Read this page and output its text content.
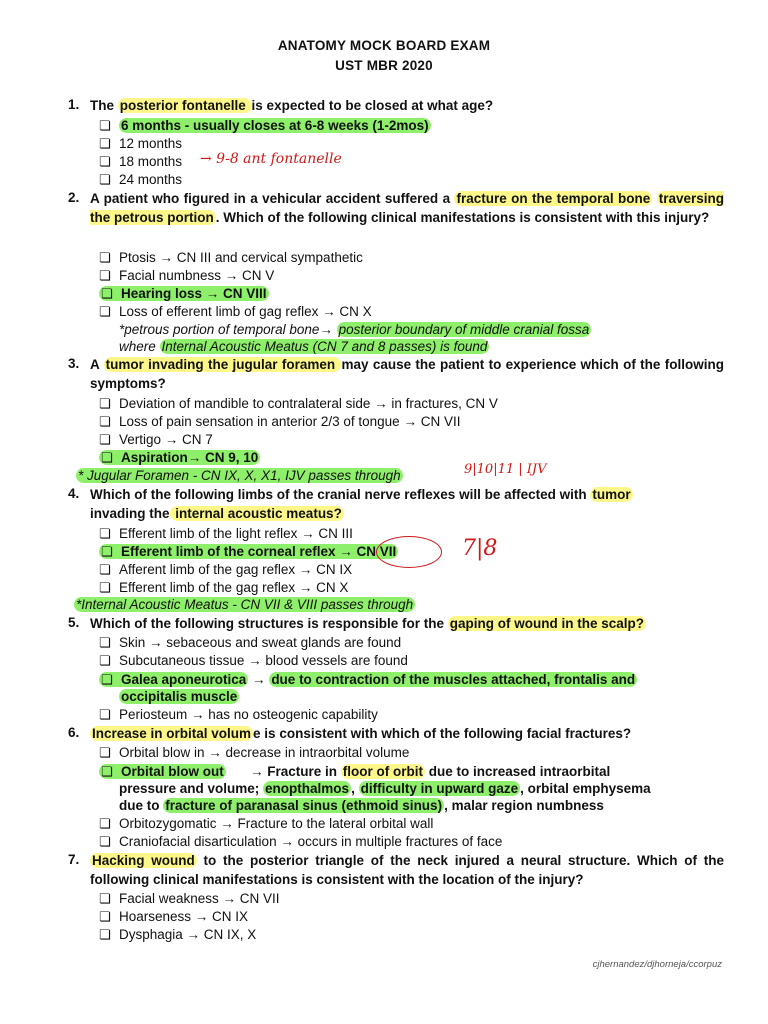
ANATOMY MOCK BOARD EXAM
UST MBR 2020
1. The posterior fontanelle is expected to be closed at what age?
❏ 6 months - usually closes at 6-8 weeks (1-2mos)
❏ 12 months
❏ 18 months → 9-8 ant fontanelle
❏ 24 months
2. A patient who figured in a vehicular accident suffered a fracture on the temporal bone traversing the petrous portion . Which of the following clinical manifestations is consistent with this injury?
❏ Ptosis → CN III and cervical sympathetic
❏ Facial numbness → CN V
❏ Hearing loss → CN VIII
❏ Loss of efferent limb of gag reflex → CN X
*petrous portion of temporal bone→ posterior boundary of middle cranial fossa
where Internal Acoustic Meatus (CN 7 and 8 passes) is found
3. A tumor invading the jugular foramen may cause the patient to experience which of the following symptoms?
❏ Deviation of mandible to contralateral side → in fractures, CN V
❏ Loss of pain sensation in anterior 2/3 of tongue → CN VII
❏ Vertigo → CN 7
❏ Aspiration→ CN 9, 10
* Jugular Foramen - CN IX, X, X1, IJV passes through	9|10|11 | IJV
4. Which of the following limbs of the cranial nerve reflexes will be affected with tumor
invading the internal acoustic meatus?
❏ Efferent limb of the light reflex → CN III
❏ Efferent limb of the corneal reflex → CN VII	7|8
❏ Afferent limb of the gag reflex → CN IX
❏ Efferent limb of the gag reflex → CN X
*Internal Acoustic Meatus - CN VII & VIII passes through
5. Which of the following structures is responsible for the gaping of wound in the scalp?
❏ Skin → sebaceous and sweat glands are found
❏ Subcutaneous tissue → blood vessels are found
❏ Galea aponeurotica → due to contraction of the muscles attached, frontalis and
occipitalis muscle
❏ Periosteum → has no osteogenic capability
6. Increase in orbital volum e is consistent with which of the following facial fractures?
❏ Orbital blow in → decrease in intraorbital volume
❏ Orbital blow out → Fracture in floor of orbit due to increased intraorbital
pressure and volume; enopthalmos , difficulty in upward gaze , orbital emphysema
due to fracture of paranasal sinus (ethmoid sinus) , malar region numbness
❏ Orbitozygomatic → Fracture to the lateral orbital wall
❏ Craniofacial disarticulation → occurs in multiple fractures of face
7. Hacking wound to the posterior triangle of the neck injured a neural structure. Which of the following clinical manifestations is consistent with the location of the injury?
❏ Facial weakness → CN VII
❏ Hoarseness → CN IX
❏ Dysphagia → CN IX, X
cjhernandez/djhorneja/ccorpuz
